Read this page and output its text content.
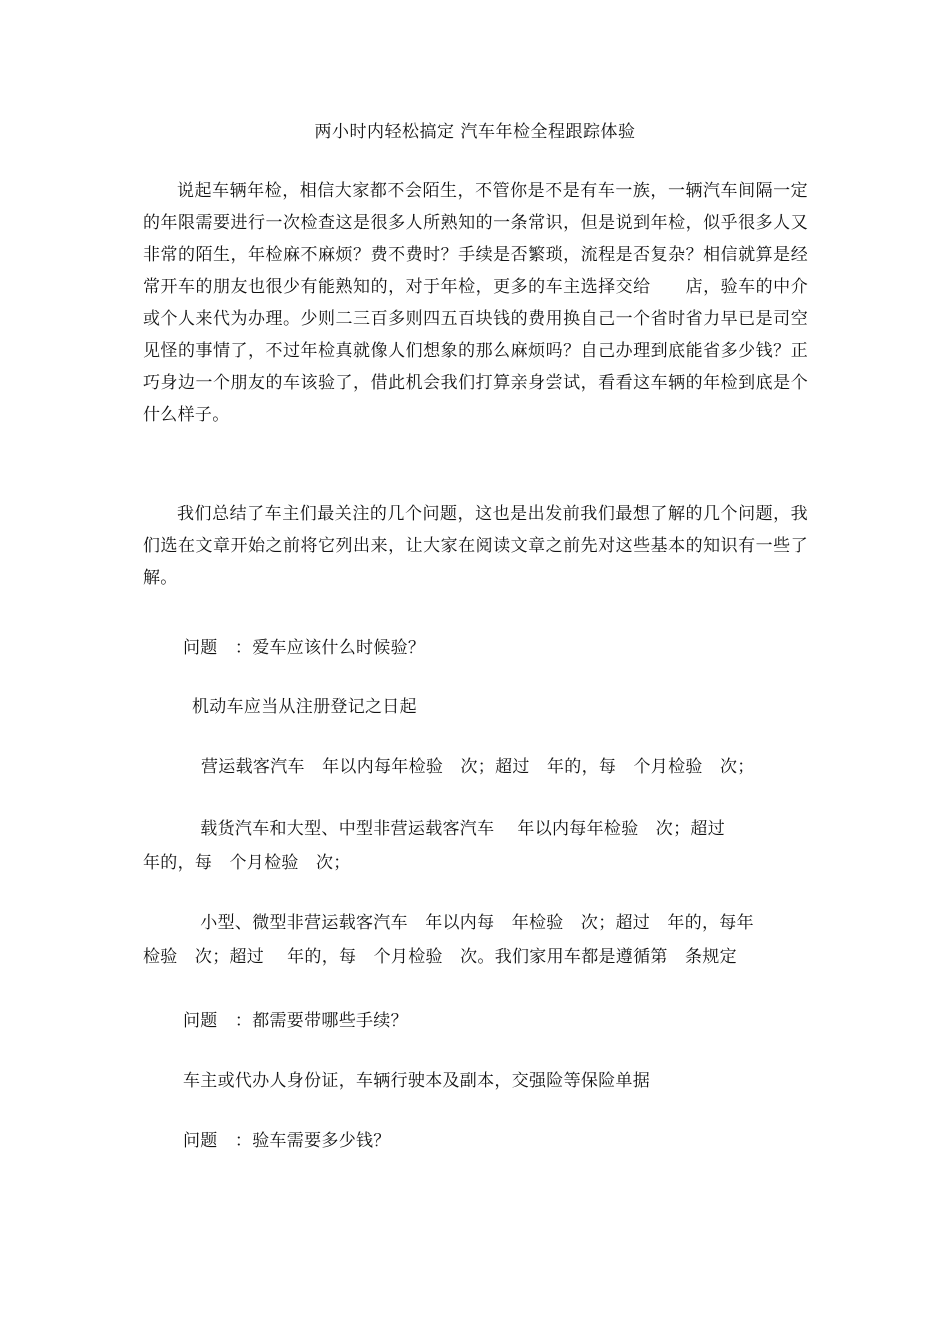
两小时内轻松搞定 汽车年检全程跟踪体验
说起车辆年检，相信大家都不会陌生，不管你是不是有车一族，一辆汽车间隔一定的年限需要进行一次检查这是很多人所熟知的一条常识，但是说到年检，似乎很多人又非常的陌生，年检麻不麻烦？费不费时？手续是否繁琐，流程是否复杂？相信就算是经常开车的朋友也很少有能熟知的，对于年检，更多的车主选择交给　　店，验车的中介或个人来代为办理。少则二三百多则四五百块钱的费用换自己一个省时省力早已是司空见怪的事情了，不过年检真就像人们想象的那么麻烦吗？自己办理到底能省多少钱？正巧身边一个朋友的车该验了，借此机会我们打算亲身尝试，看看这车辆的年检到底是个什么样子。
我们总结了车主们最关注的几个问题，这也是出发前我们最想了解的几个问题，我们选在文章开始之前将它列出来，让大家在阅读文章之前先对这些基本的知识有一些了解。
问题　：爱车应该什么时候验？
机动车应当从注册登记之日起
营运载客汽车　年以内每年检验　次；超过　年的，每　个月检验　次；
　载货汽车和大型、中型非营运载客汽车　 年以内每年检验　次；超过　　
年的，每　个月检验　次；
　小型、微型非营运载客汽车　年以内每　年检验　次；超过　年的，每年
检验　次；超过　 年的，每　个月检验　次。我们家用车都是遵循第　条规定
问题　：都需要带哪些手续？
车主或代办人身份证，车辆行驶本及副本，交强险等保险单据
问题　：验车需要多少钱？
